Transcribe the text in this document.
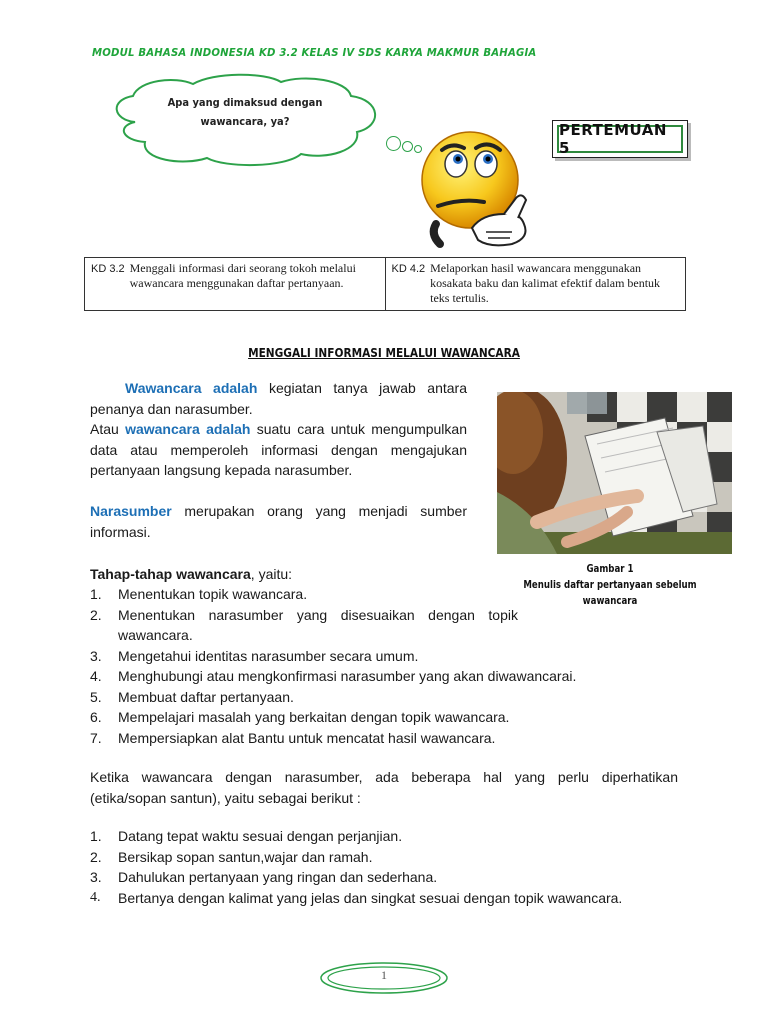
MODUL BAHASA INDONESIA KD 3.2 KELAS IV SDS KARYA MAKMUR BAHAGIA
Apa yang dimaksud dengan
wawancara, ya?	PERTEMUAN 5
KD 3.2 Menggali informasi dari seorang tokoh melalui wawancara menggunakan daftar pertanyaan.

KD 4.2 Melaporkan hasil wawancara menggunakan kosakata baku dan kalimat efektif dalam bentuk teks tertulis.
MENGGALI INFORMASI MELALUI WAWANCARA
Wawancara adalah kegiatan tanya jawab antara penanya dan narasumber.
Atau wawancara adalah suatu cara untuk mengumpulkan data atau memperoleh informasi dengan mengajukan pertanyaan langsung kepada narasumber.
Narasumber merupakan orang yang menjadi sumber informasi.
Gambar 1
Menulis daftar pertanyaan sebelum
wawancara
Tahap-tahap wawancara, yaitu:
1. Menentukan topik wawancara.
2. Menentukan narasumber yang disesuaikan dengan topik wawancara.
3. Mengetahui identitas narasumber secara umum.
4. Menghubungi atau mengkonfirmasi narasumber yang akan diwawancarai.
5. Membuat daftar pertanyaan.
6. Mempelajari masalah yang berkaitan dengan topik wawancara.
7. Mempersiapkan alat Bantu untuk mencatat hasil wawancara.
Ketika wawancara dengan narasumber, ada beberapa hal yang perlu diperhatikan (etika/sopan santun), yaitu sebagai berikut :
1. Datang tepat waktu sesuai dengan perjanjian.
2. Bersikap sopan santun,wajar dan ramah.
3. Dahulukan pertanyaan yang ringan dan sederhana.
4. Bertanya dengan kalimat yang jelas dan singkat sesuai dengan topik wawancara.
1
